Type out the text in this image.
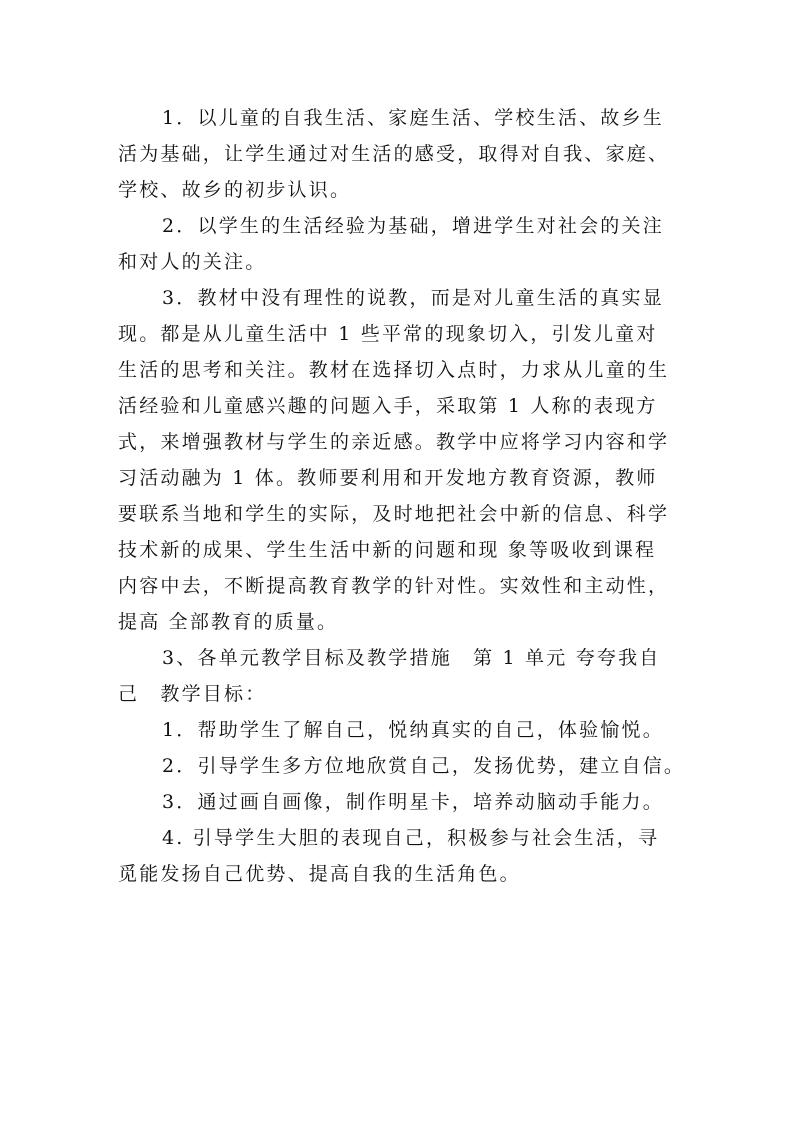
1．以儿童的自我生活、家庭生活、学校生活、故乡生
活为基础，让学生通过对生活的感受，取得对自我、家庭、
学校、故乡的初步认识。
2．以学生的生活经验为基础，增进学生对社会的关注
和对人的关注。
3．教材中没有理性的说教，而是对儿童生活的真实显
现。都是从儿童生活中 1 些平常的现象切入，引发儿童对
生活的思考和关注。教材在选择切入点时，力求从儿童的生
活经验和儿童感兴趣的问题入手，采取第 1 人称的表现方
式，来增强教材与学生的亲近感。教学中应将学习内容和学
习活动融为 1 体。教师要利用和开发地方教育资源，教师
要联系当地和学生的实际，及时地把社会中新的信息、科学
技术新的成果、学生生活中新的问题和现 象等吸收到课程
内容中去，不断提高教育教学的针对性。实效性和主动性，
提高 全部教育的质量。
3、各单元教学目标及教学措施　第 1 单元 夸夸我自
己　教学目标：
1．帮助学生了解自己，悦纳真实的自己，体验愉悦。
2．引导学生多方位地欣赏自己，发扬优势，建立自信。
3．通过画自画像，制作明星卡，培养动脑动手能力。
4. 引导学生大胆的表现自己，积极参与社会生活，寻
觅能发扬自己优势、提高自我的生活角色。
